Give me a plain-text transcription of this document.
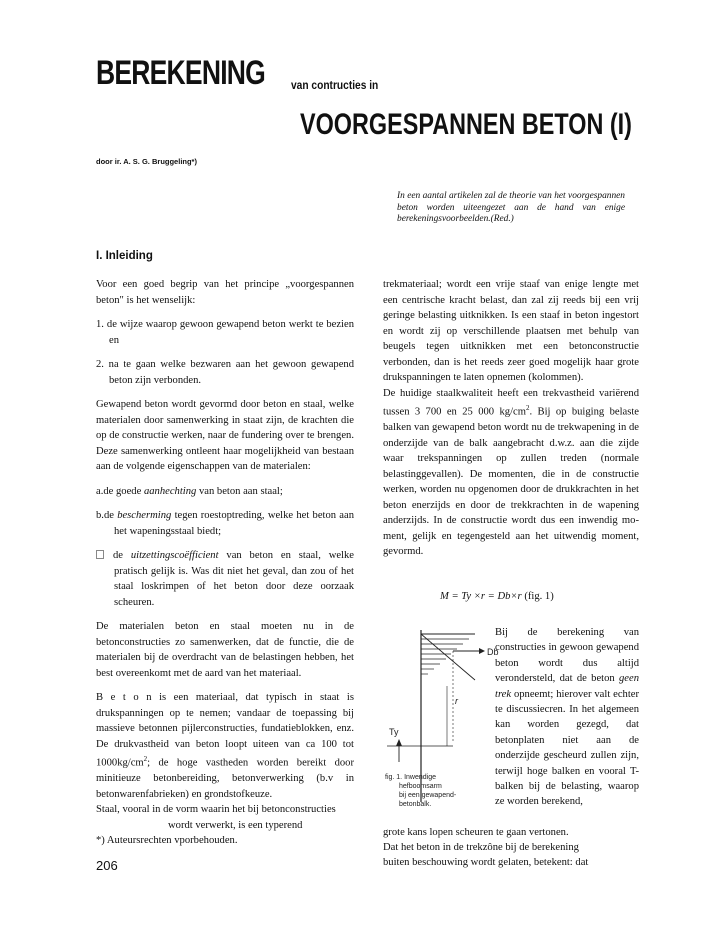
BEREKENING van contructies in
VOORGESPANNEN BETON (I)
door ir. A. S. G. Bruggeling*)
In een aantal artikelen zal de theorie van het voorgespannen beton worden uiteengezet aan de hand van enige berekeningsvoorbeelden.(Red.)
I. Inleiding

Voor een goed begrip van het principe „voorgespannen beton" is het wenselijk:

1. de wijze waarop gewoon gewapend beton werkt te bezien en

2. na te gaan welke bezwaren aan het gewoon gewapend beton zijn verbonden.

Gewapend beton wordt gevormd door beton en staal, welke materialen door samenwerking in staat zijn, de krachten die op de constructie werken, naar de fundering over te brengen. Deze samenwerking ontleent haar mogelijkheid van bestaan aan de volgende eigenschappen van de materialen:

a.de goede aanhechting van beton aan staal;

b.de bescherming tegen roestoptreding, welke het beton aan het wapeningsstaal biedt;

de uitzettingscoëfficient van beton en staal, welke pratisch gelijk is. Was dit niet het geval, dan zou of het staal loskrimpen of het beton door deze oorzaak scheuren.

De materialen beton en staal moeten nu in de betonconstructies zo samenwerken, dat de functie, die de materialen bij de overdracht van de belastingen hebben, het best overeenkomt met de aard van het materiaal.

B e t o n is een materiaal, dat typisch in staat is drukspanningen op te nemen; vandaar de toepassing bij massieve betonnen pijlerconstructies, fundatieblokken, enz. De drukvastheid van beton loopt uiteen van ca 100 tot $1000kg/cm^2$; de hoge vastheden worden bereikt door minitieuze betonbereiding, betonverwerking (b.v in betonwarenfabrieken) en grondstofkeuze.

Staal, vooral in de vorm waarin het bij betonconstructies

wordt verwerkt, is een typerend

*) Auteursrechten vporbehouden.

206

trekmateriaal; wordt een vrije staaf van enige lengte met een centrische kracht belast, dan zal zij reeds bij een vrij geringe belasting uitknikken. Is een staaf in beton ingestort en wordt zij op verschillende plaatsen met behulp van beugels tegen uitknikken met een betonconstructie verbonden, dan is het reeds zeer goed mogelijk haar grote drukspanningen te laten opnemen (kolommen).

De huidige staalkwaliteit heeft een trekvastheid variërend tussen 3 700 en 25 000 $kg/cm^2$. Bij op buiging belaste balken van gewapend beton wordt nu de trekwapening in de onderzijde van de balk aangebracht d.w.z. aan die zijde waar trekspanningen op zullen treden (normale belastinggevallen). De momenten, die in de constructie werken, worden nu opgenomen door de drukkrachten in het beton enerzijds en door de trekkrachten in de wapening anderzijds. In de constructie wordt dus een inwendig moment, gelijk en tegengesteld aan het uitwendig moment, gevormd.

M = Ty ×r = Db×r (fig. 1)
Db
r
Ty
fig. 1. Inwendige
hefboomsarm
bij een gewapend-
betonbalk.
Bij de berekening van constructies in gewoon gewapend beton wordt dus altijd verondersteld, dat de beton geen trek opneemt; hierover valt echter te discussiecren. In het algemeen kan worden gezegd, dat betonplaten niet aan de onderzijde gescheurd zullen zijn, terwijl hoge balken en vooral T-balken bij de belasting, waarop ze worden berekend,
grote kans lopen scheuren te gaan vertonen.
Dat het beton in de trekzône bij de berekening
buiten beschouwing wordt gelaten, betekent: dat
